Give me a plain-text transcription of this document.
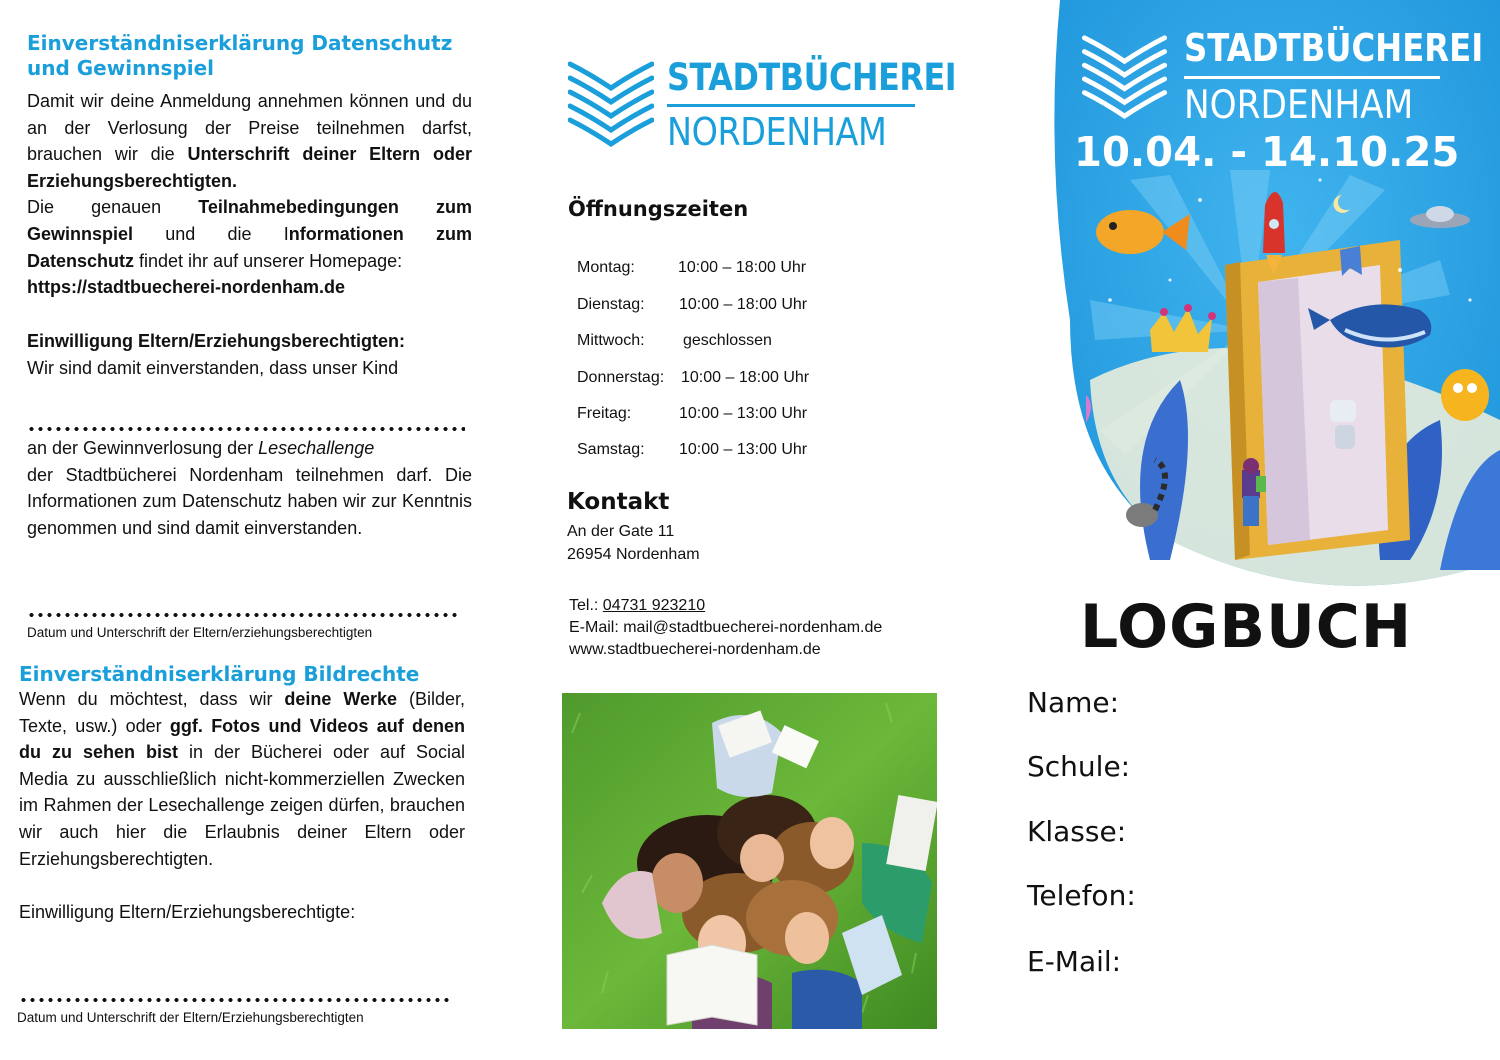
Einverständniserklärung Datenschutz
und Gewinnspiel

Damit wir deine Anmeldung annehmen können und du an der Verlosung der Preise teilnehmen darfst, brauchen wir die Unterschrift deiner Eltern oder Erziehungsberechtigten.
Die genauen Teilnahmebedingungen zum Gewinnspiel und die Informationen zum Datenschutz findet ihr auf unserer Homepage:
https://stadtbuecherei-nordenham.de

Einwilligung Eltern/Erziehungsberechtigten:
Wir sind damit einverstanden, dass unser Kind

an der Gewinnverlosung der Lesechallenge
der Stadtbücherei Nordenham teilnehmen darf. Die Informationen zum Datenschutz haben wir zur Kenntnis genommen und sind damit einverstanden.

Datum und Unterschrift der Eltern/erziehungsberechtigten

Einverständniserklärung Bildrechte

Wenn du möchtest, dass wir deine Werke (Bilder, Texte, usw.) oder ggf. Fotos und Videos auf denen du zu sehen bist in der Bücherei oder auf Social Media zu ausschließlich nicht-kommerziellen Zwecken im Rahmen der Lesechallenge zeigen dürfen, brauchen wir auch hier die Erlaubnis deiner Eltern oder Erziehungsberechtigten.

Einwilligung Eltern/Erziehungsberechtigte:

Datum und Unterschrift der Eltern/Erziehungsberechtigten

STADTBÜCHEREI
NORDENHAM
Öffnungszeiten
Montag:	10:00 – 18:00 Uhr
Dienstag: 10:00 – 18:00 Uhr
Mittwoch: geschlossen
Donnerstag: 10:00 – 18:00 Uhr
Freitag:	10:00 – 13:00 Uhr
Samstag: 10:00 – 13:00 Uhr
Kontakt
An der Gate 11
26954 Nordenham
Tel.: 04731 923210
E-Mail: mail@stadtbuecherei-nordenham.de
www.stadtbuecherei-nordenham.de
STADTBÜCHEREI
NORDENHAM
10.04. - 14.10.25
LOGBUCH
Name:
Schule:
Klasse:
Telefon:
E-Mail:
